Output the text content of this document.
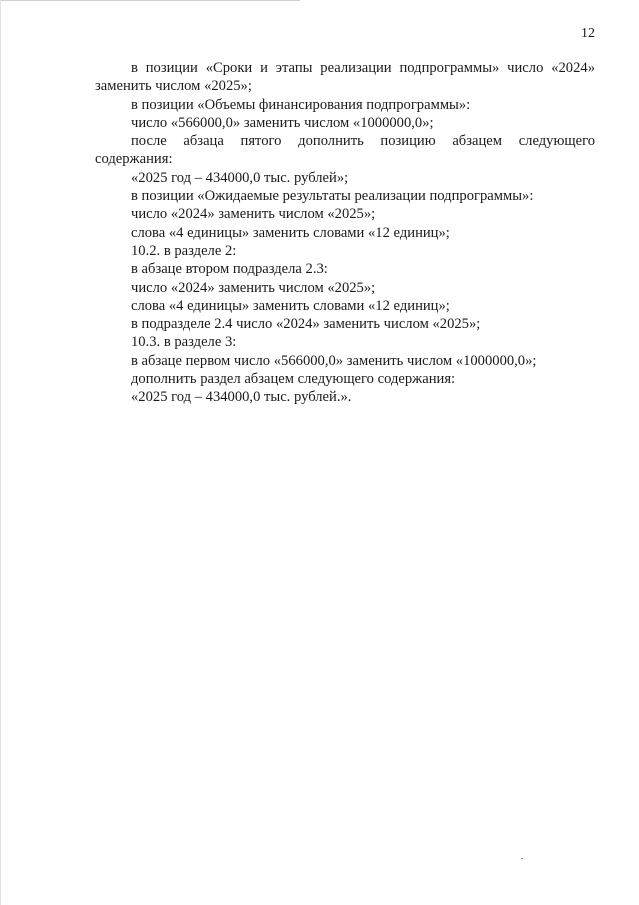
12

в позиции «Сроки и этапы реализации подпрограммы» число «2024» заменить числом «2025»;

в позиции «Объемы финансирования подпрограммы»:

число «566000,0» заменить числом «1000000,0»;

после абзаца пятого дополнить позицию абзацем следующего содержания:

«2025 год – 434000,0 тыс. рублей»;

в позиции «Ожидаемые результаты реализации подпрограммы»:

число «2024» заменить числом «2025»;

слова «4 единицы» заменить словами «12 единиц»;

10.2. в разделе 2:

в абзаце втором подраздела 2.3:

число «2024» заменить числом «2025»;

слова «4 единицы» заменить словами «12 единиц»;

в подразделе 2.4 число «2024» заменить числом «2025»;

10.3. в разделе 3:

в абзаце первом число «566000,0» заменить числом «1000000,0»;

дополнить раздел абзацем следующего содержания:

«2025 год – 434000,0 тыс. рублей.».
